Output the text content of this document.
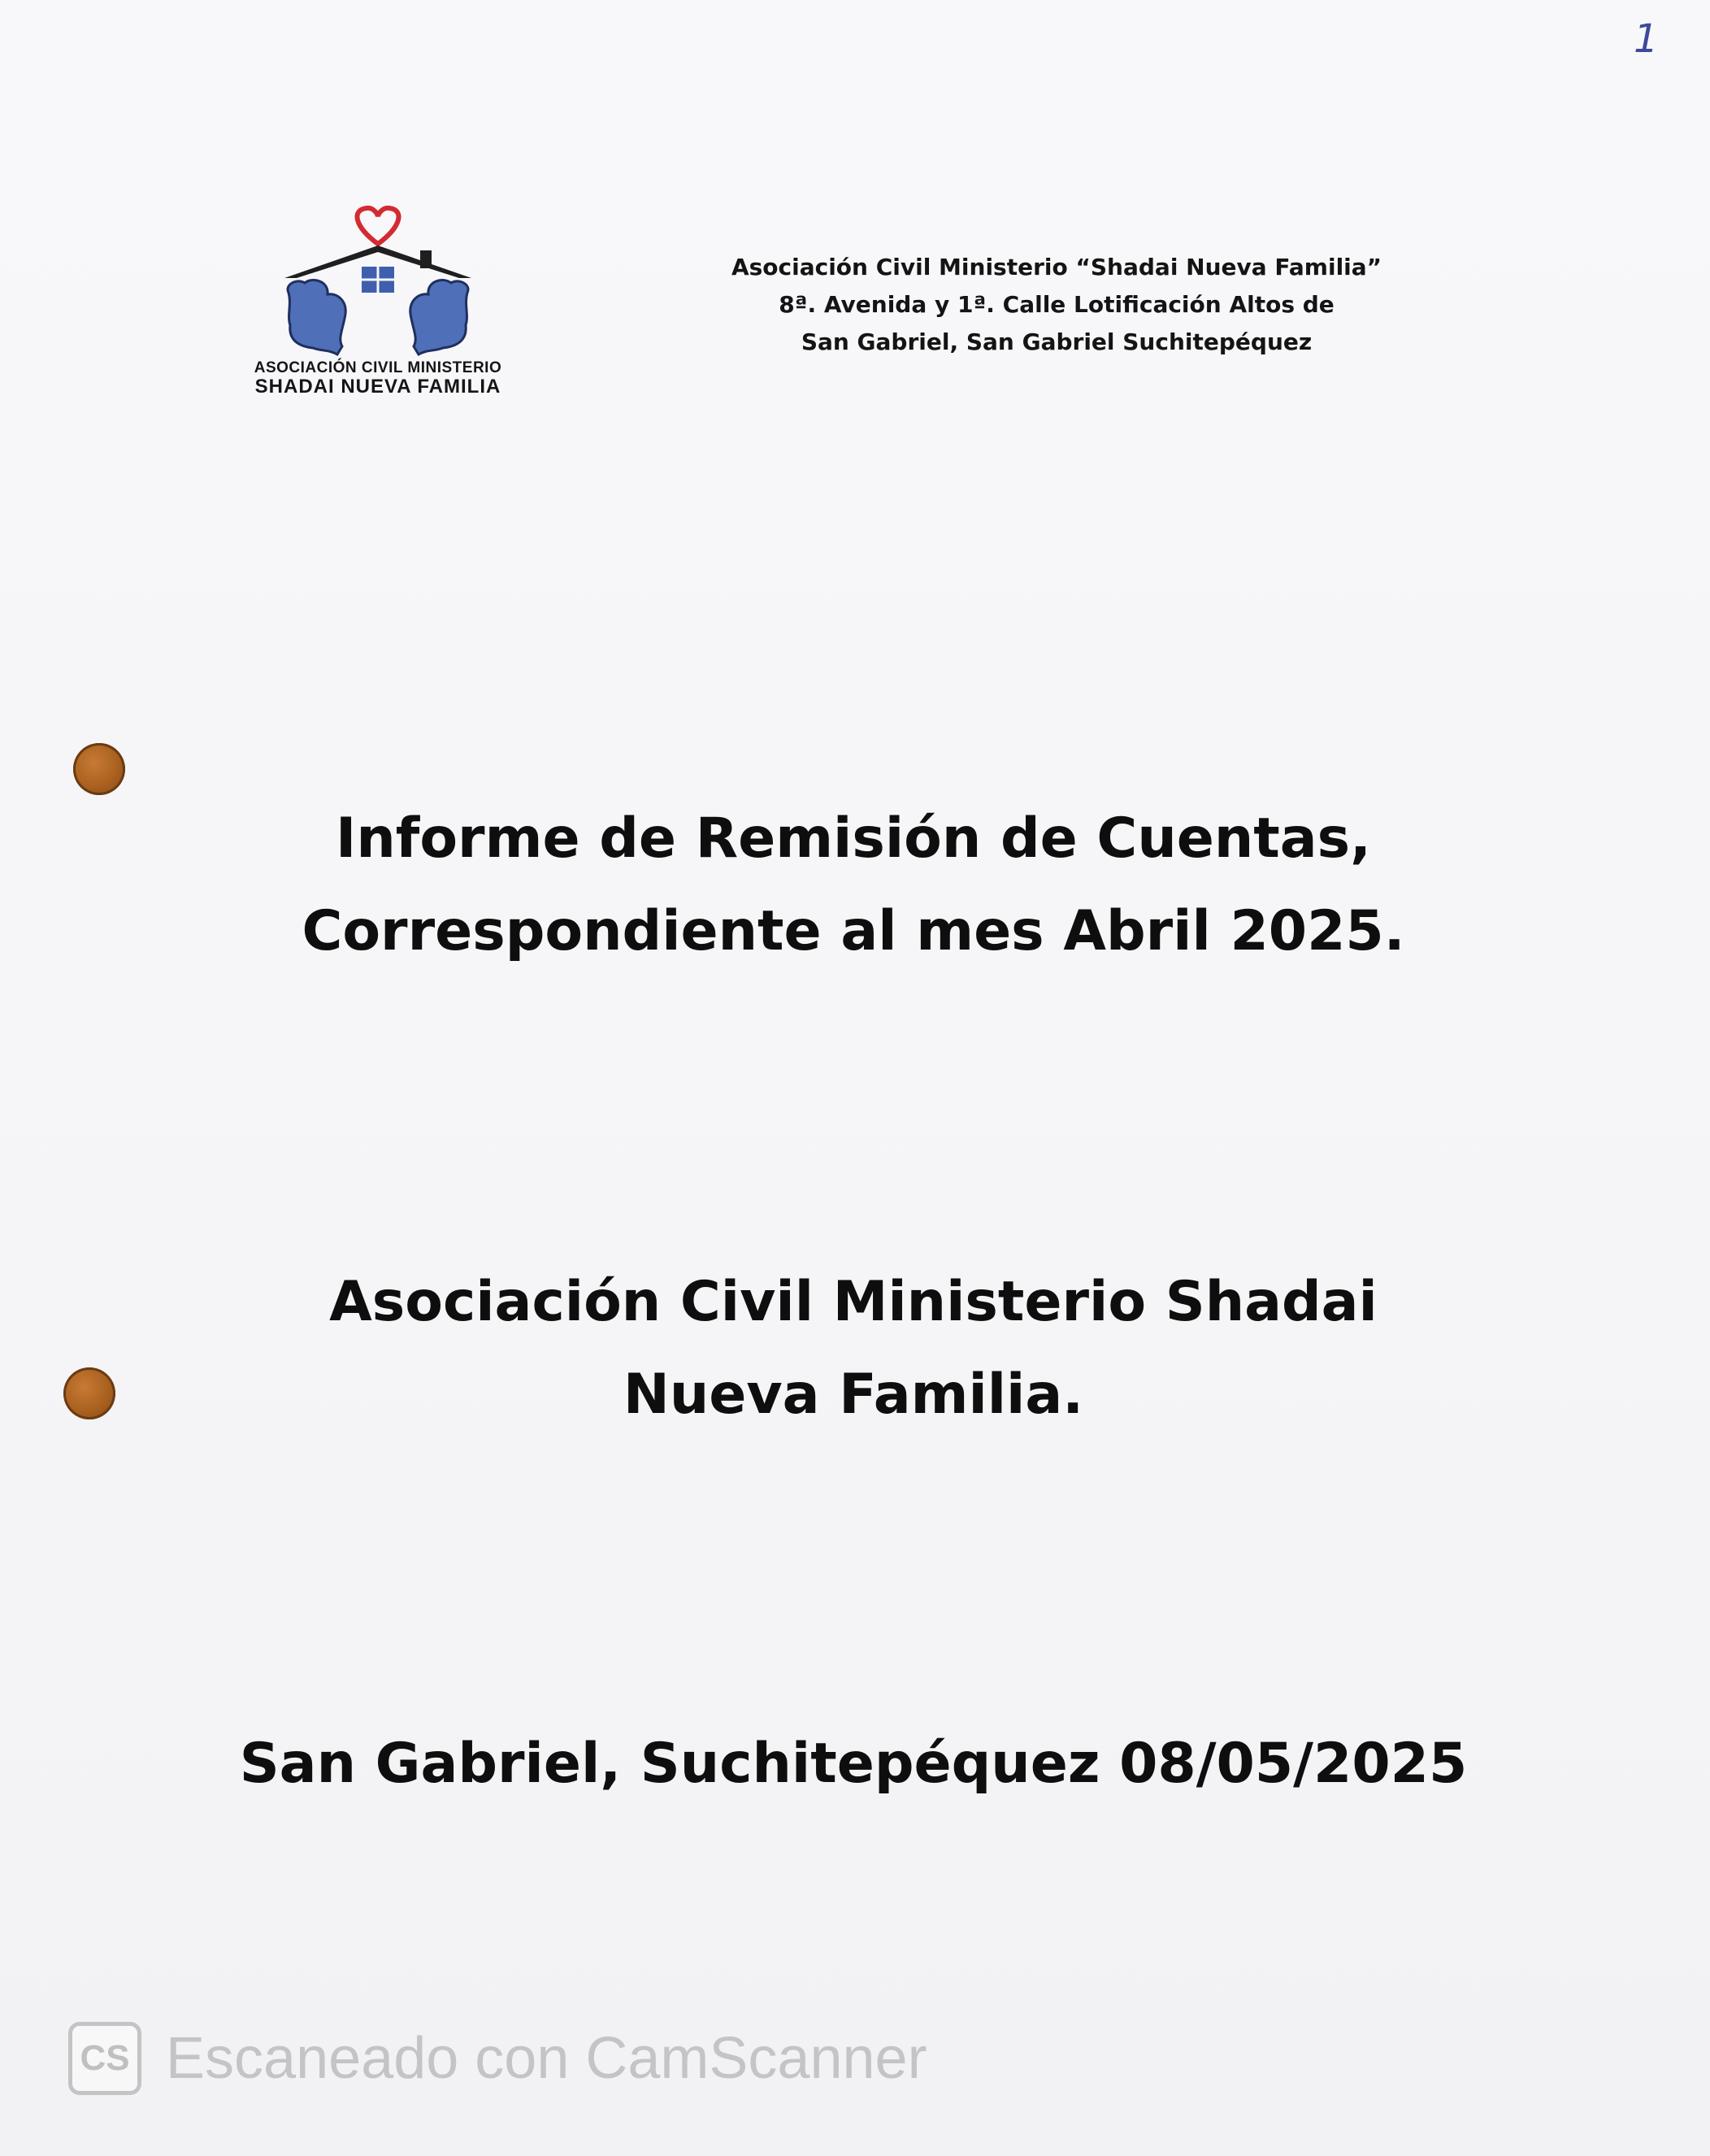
1
ASOCIACIÓN CIVIL MINISTERIO
SHADAI NUEVA FAMILIA
Asociación Civil Ministerio “Shadai Nueva Familia”
8ª. Avenida y 1ª. Calle Lotificación Altos de
San Gabriel, San Gabriel Suchitepéquez
Informe de Remisión de Cuentas,
Correspondiente al mes Abril 2025.
Asociación Civil Ministerio Shadai
Nueva Familia.
San Gabriel, Suchitepéquez 08/05/2025
CS Escaneado con CamScanner
